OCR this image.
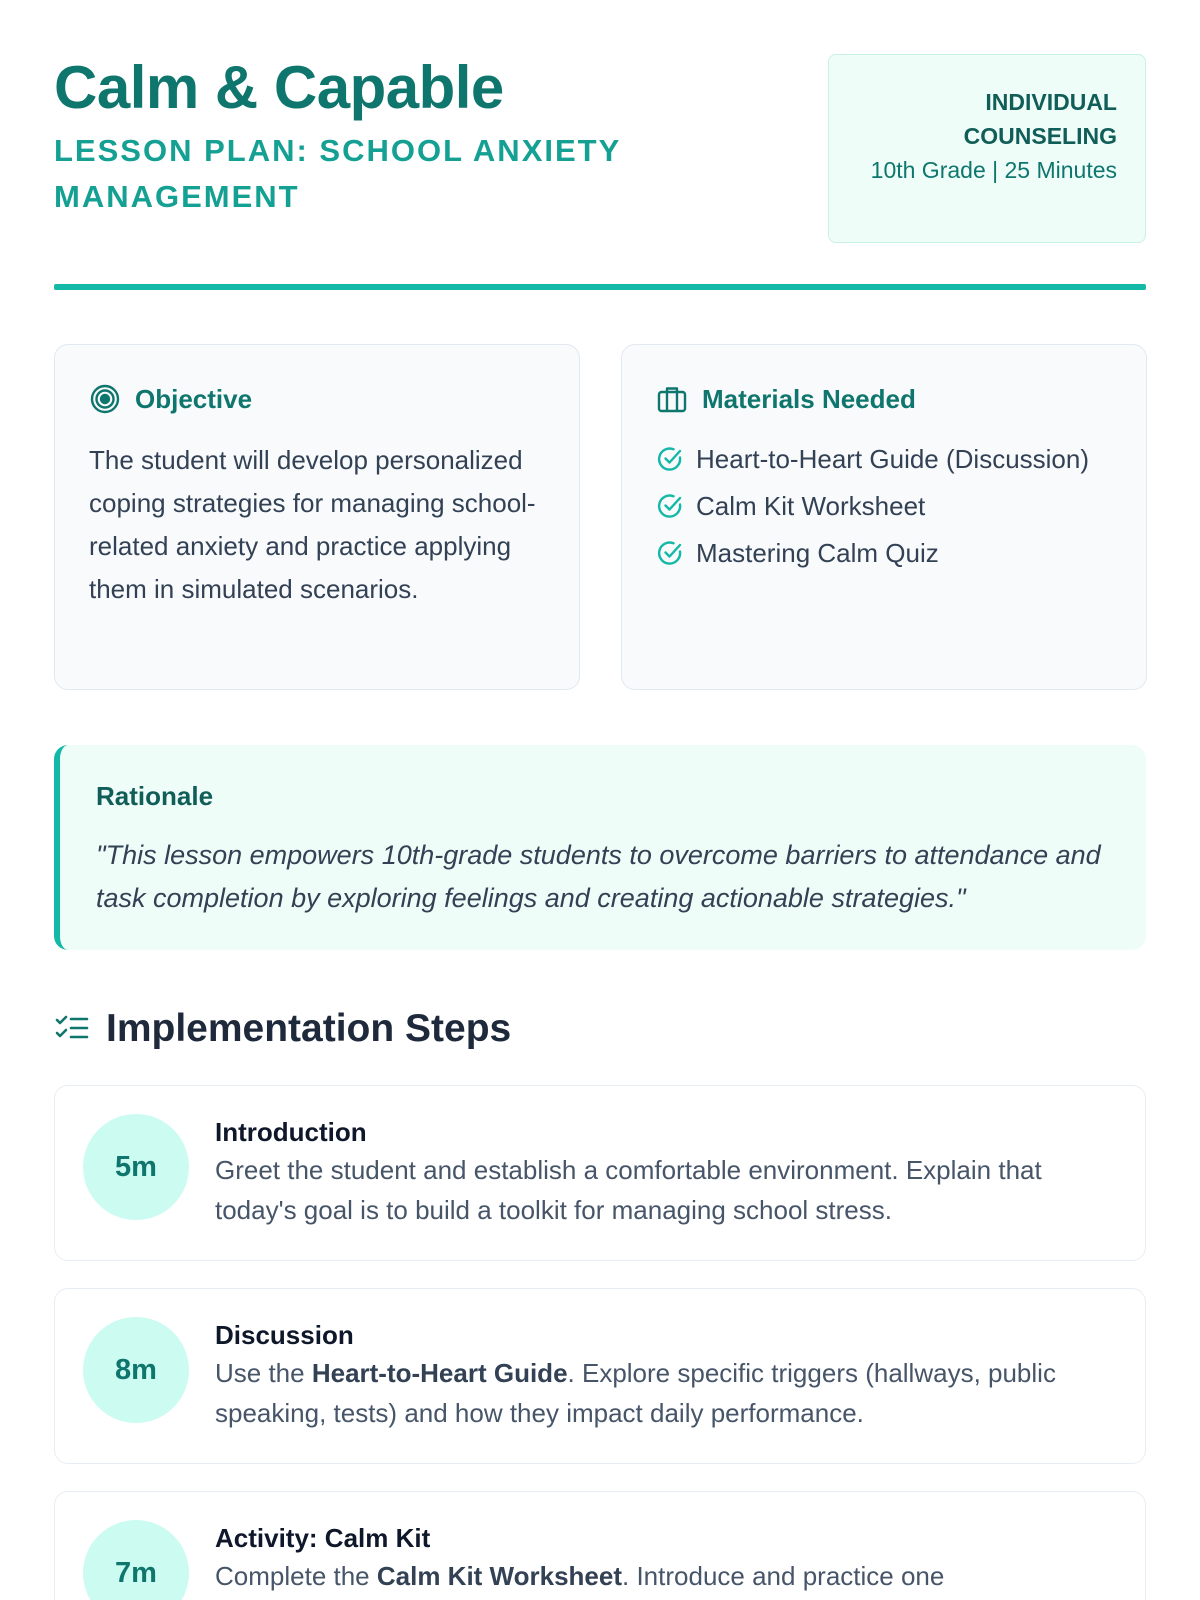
Calm & Capable
LESSON PLAN: SCHOOL ANXIETY MANAGEMENT
INDIVIDUAL COUNSELING
10th Grade | 25 Minutes
Objective

The student will develop personalized coping strategies for managing school-related anxiety and practice applying them in simulated scenarios.

Materials Needed
Heart-to-Heart Guide (Discussion)
Calm Kit Worksheet
Mastering Calm Quiz
Rationale

"This lesson empowers 10th-grade students to overcome barriers to attendance and task completion by exploring feelings and creating actionable strategies."

Implementation Steps
5m
Introduction

Greet the student and establish a comfortable environment. Explain that today's goal is to build a toolkit for managing school stress.

8m
Discussion

Use the Heart-to-Heart Guide. Explore specific triggers (hallways, public speaking, tests) and how they impact daily performance.

7m
Activity: Calm Kit

Complete the Calm Kit Worksheet. Introduce and practice one
